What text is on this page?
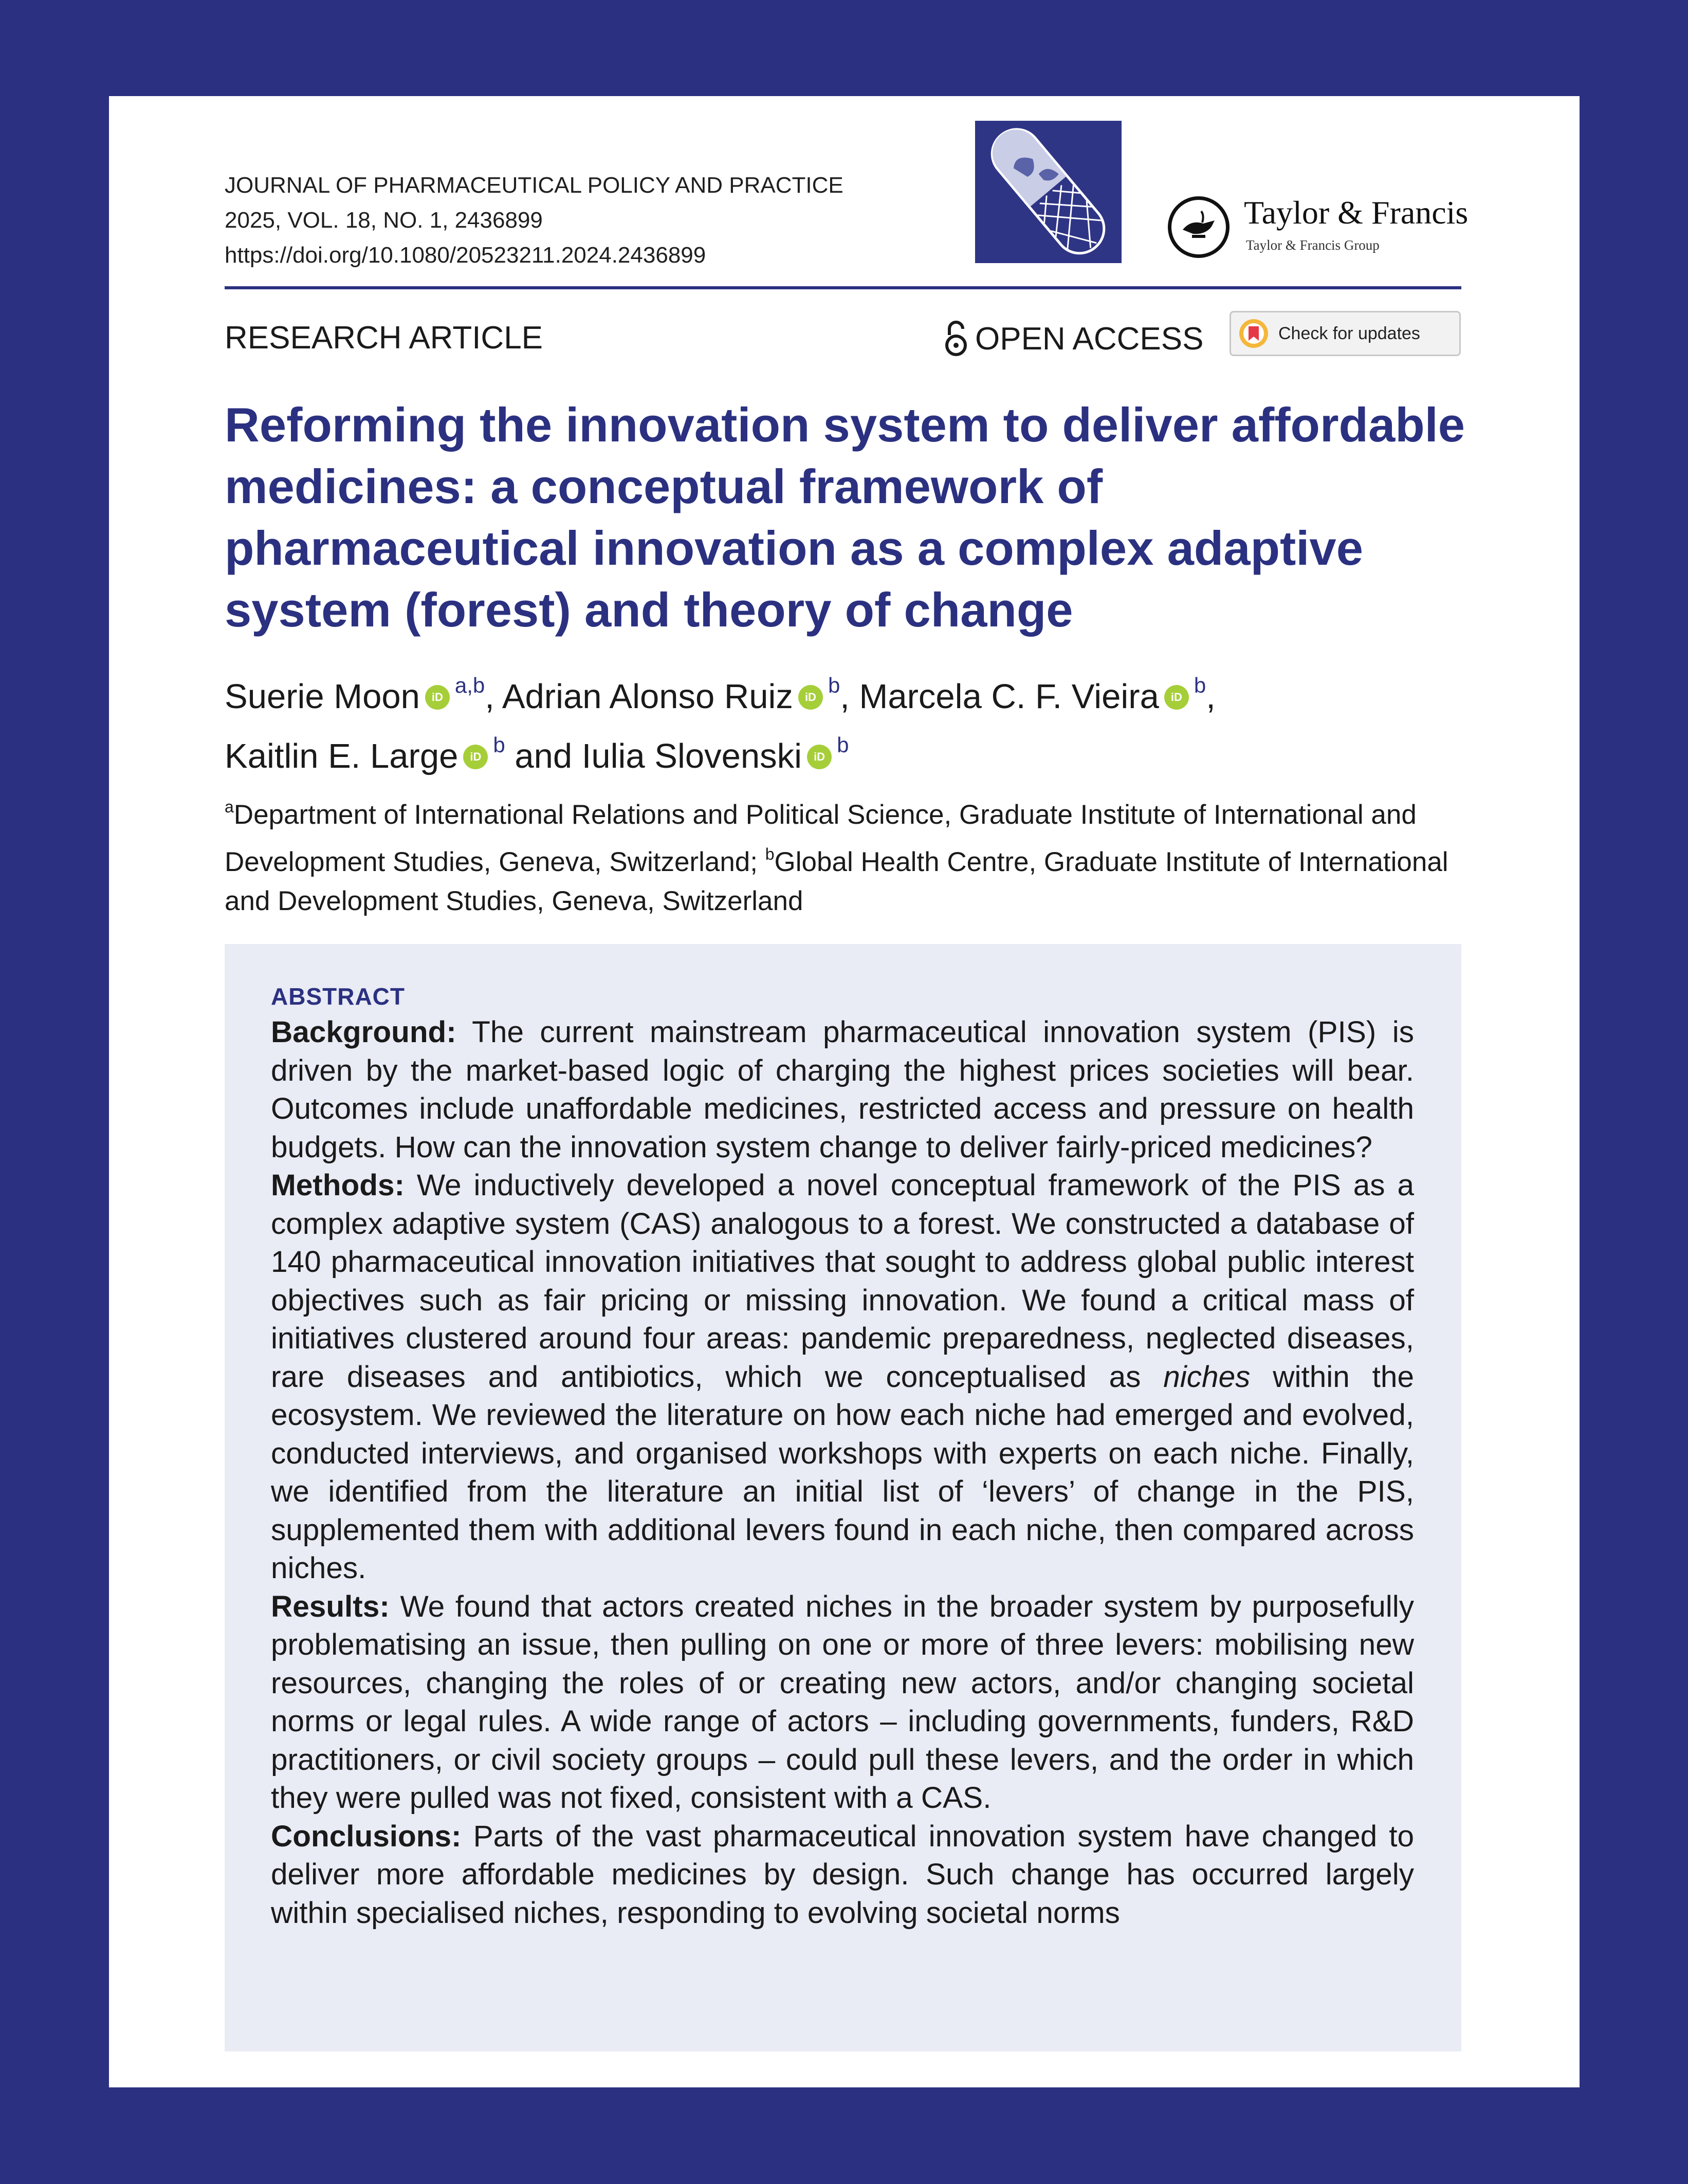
JOURNAL OF PHARMACEUTICAL POLICY AND PRACTICE
2025, VOL. 18, NO. 1, 2436899
https://doi.org/10.1080/20523211.2024.2436899
Taylor & Francis
Taylor & Francis Group
RESEARCH ARTICLE	OPEN ACCESS	Check for updates
Reforming the innovation system to deliver affordable medicines: a conceptual framework of pharmaceutical innovation as a complex adaptive system (forest) and theory of change
Suerie Moon iD $^{a,b}$, Adrian Alonso Ruiz iD $^b$, Marcela C. F. Vieira iD $^b$,
Kaitlin E. Large iD $^b$ and Iulia Slovenski iD $^b$
$^a$Department of International Relations and Political Science, Graduate Institute of International and Development Studies, Geneva, Switzerland; $^b$Global Health Centre, Graduate Institute of International and Development Studies, Geneva, Switzerland
ABSTRACT

Background: The current mainstream pharmaceutical innovation system (PIS) is driven by the market-based logic of charging the highest prices societies will bear. Outcomes include unaffordable medicines, restricted access and pressure on health budgets. How can the innovation system change to deliver fairly-priced medicines?

Methods: We inductively developed a novel conceptual framework of the PIS as a complex adaptive system (CAS) analogous to a forest. We constructed a database of 140 pharmaceutical innovation initiatives that sought to address global public interest objectives such as fair pricing or missing innovation. We found a critical mass of initiatives clustered around four areas: pandemic preparedness, neglected diseases, rare diseases and antibiotics, which we conceptualised as niches within the ecosystem. We reviewed the literature on how each niche had emerged and evolved, conducted interviews, and organised workshops with experts on each niche. Finally, we identified from the literature an initial list of ‘levers’ of change in the PIS, supplemented them with additional levers found in each niche, then compared across niches.

Results: We found that actors created niches in the broader system by purposefully problematising an issue, then pulling on one or more of three levers: mobilising new resources, changing the roles of or creating new actors, and/or changing societal norms or legal rules. A wide range of actors – including governments, funders, R&D practitioners, or civil society groups – could pull these levers, and the order in which they were pulled was not fixed, consistent with a CAS.

Conclusions: Parts of the vast pharmaceutical innovation system have changed to deliver more affordable medicines by design. Such change has occurred largely within specialised niches, responding to evolving societal norms
